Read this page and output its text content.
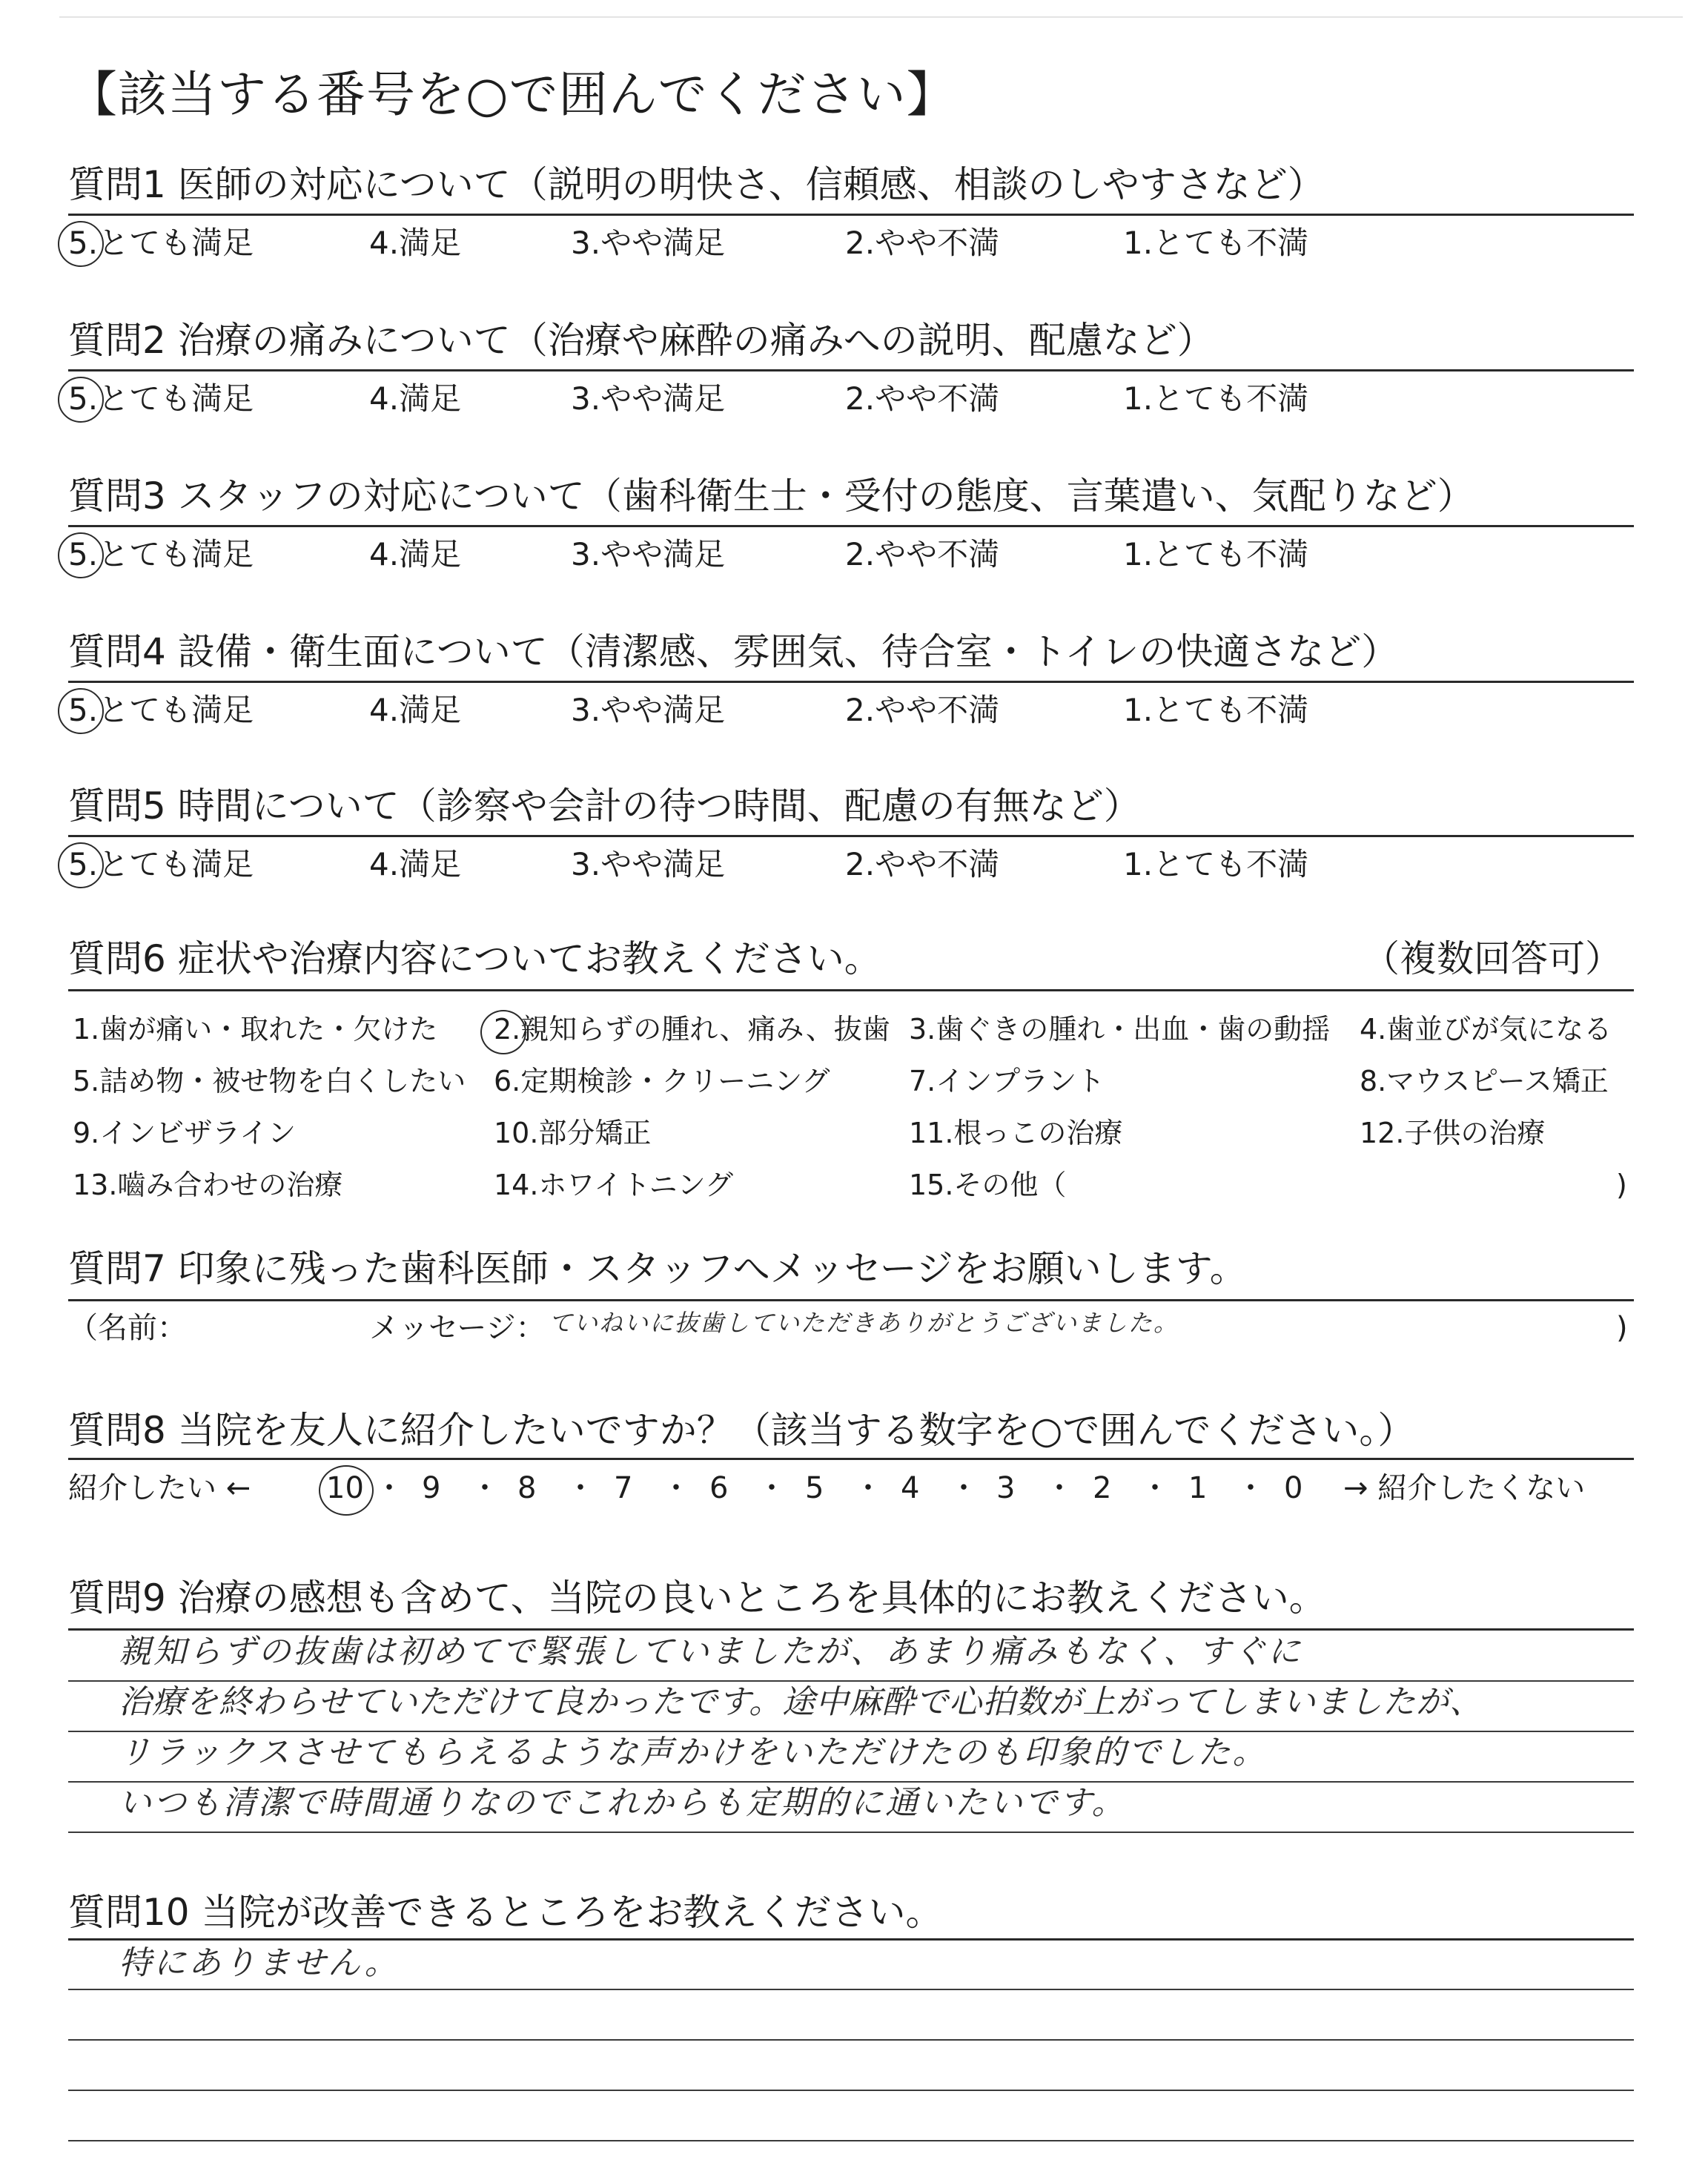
【該当する番号を○で囲んでください】
質問1 医師の対応について（説明の明快さ、信頼感、相談のしやすさなど）
5.とても満足	4.満足	3.やや満足	2.やや不満	1.とても不満
質問2 治療の痛みについて（治療や麻酔の痛みへの説明、配慮など）
5.とても満足	4.満足	3.やや満足	2.やや不満	1.とても不満
質問3 スタッフの対応について（歯科衛生士・受付の態度、言葉遣い、気配りなど）
5.とても満足	4.満足	3.やや満足	2.やや不満	1.とても不満
質問4 設備・衛生面について（清潔感、雰囲気、待合室・トイレの快適さなど）
5.とても満足	4.満足	3.やや満足	2.やや不満	1.とても不満
質問5 時間について（診察や会計の待つ時間、配慮の有無など）
5.とても満足	4.満足	3.やや満足	2.やや不満	1.とても不満
質問6 症状や治療内容についてお教えください。	（複数回答可）
1.歯が痛い・取れた・欠けた 2.親知らずの腫れ、痛み、抜歯 3.歯ぐきの腫れ・出血・歯の動揺 4.歯並びが気になる
5.詰め物・被せ物を白くしたい 6.定期検診・クリーニング	7.インプラント	8.マウスピース矯正
9.インビザライン	10.部分矯正	11.根っこの治療	12.子供の治療
13.嚙み合わせの治療	14.ホワイトニング	15.その他（	)
質問7 印象に残った歯科医師・スタッフへメッセージをお願いします。
（名前：	メッセージ： ていねいに抜歯していただきありがとうございました。	)
質問8 当院を友人に紹介したいですか？（該当する数字を○で囲んでください。）
紹介したい ←	10 ・ 9 ・ 8 ・ 7 ・ 6 ・ 5 ・ 4 ・ 3 ・ 2 ・ 1 ・ 0 → 紹介したくない
質問9 治療の感想も含めて、当院の良いところを具体的にお教えください。
親知らずの抜歯は初めてで緊張していましたが、あまり痛みもなく、すぐに
治療を終わらせていただけて良かったです。途中麻酔で心拍数が上がってしまいましたが、
リラックスさせてもらえるような声かけをいただけたのも印象的でした。
いつも清潔で時間通りなのでこれからも定期的に通いたいです。
質問10 当院が改善できるところをお教えください。
特にありません。
